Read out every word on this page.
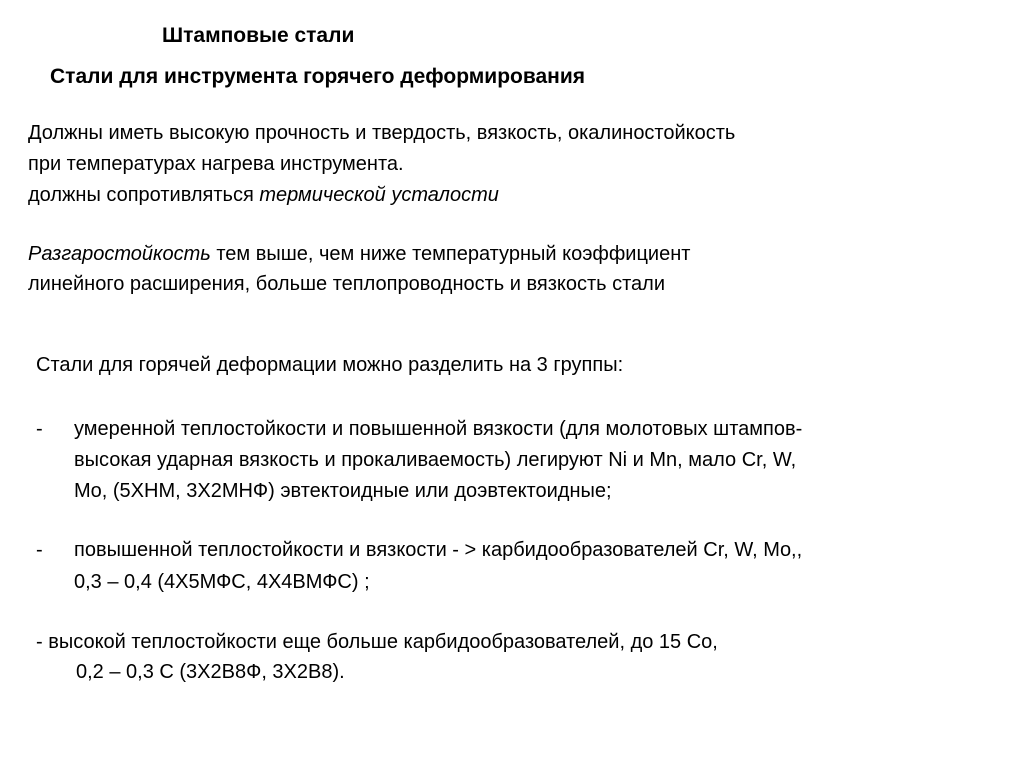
Штамповые стали
Стали для инструмента горячего деформирования
Должны иметь высокую прочность и твердость, вязкость, окалиностойкость
при температурах нагрева инструмента.
должны сопротивляться термической усталости
Разгаростойкость тем выше, чем ниже температурный коэффициент
линейного расширения, больше теплопроводность и вязкость стали
Стали для горячей деформации можно разделить на 3 группы:
- умеренной теплостойкости и повышенной вязкости (для молотовых штампов-
высокая ударная вязкость и прокаливаемость) легируют Ni и Mn, мало Cr, W,
Mo, (5ХНМ, 3Х2МНФ) эвтектоидные или доэвтектоидные;
- повышенной теплостойкости и вязкости - > карбидообразователей Cr, W, Mo,,
0,3 – 0,4 (4Х5МФС, 4Х4ВМФС) ;
- высокой теплостойкости еще больше карбидообразователей, до 15 Co,
0,2 – 0,3 С (3Х2В8Ф, 3Х2В8).
